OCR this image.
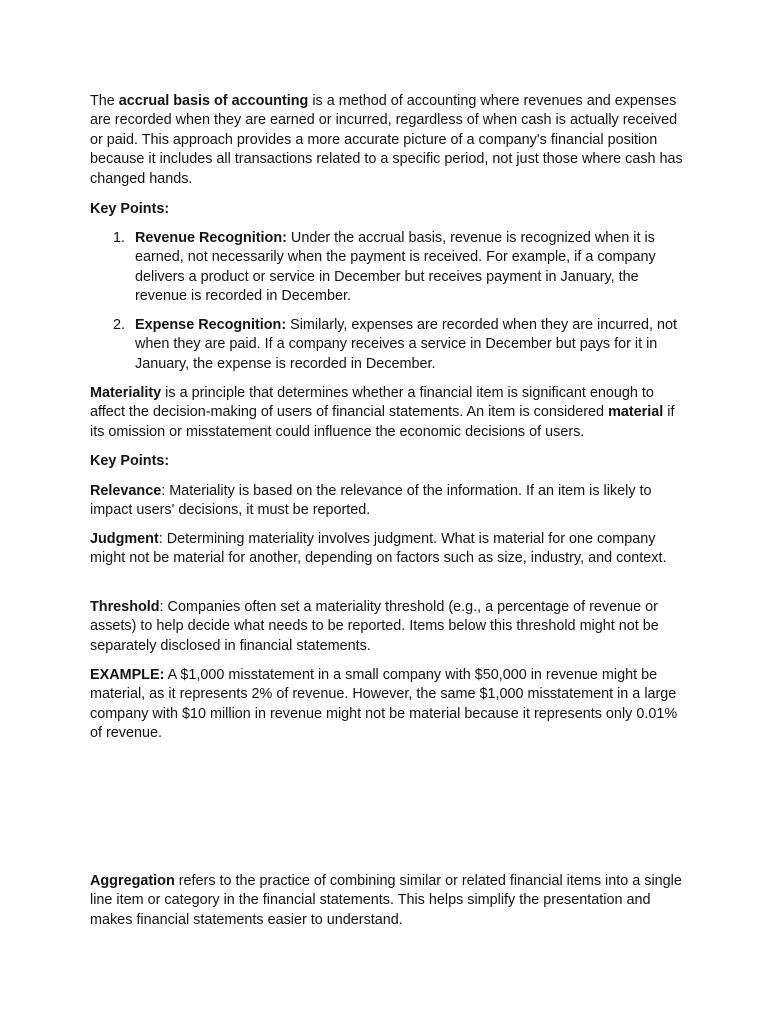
The accrual basis of accounting is a method of accounting where revenues and expenses are recorded when they are earned or incurred, regardless of when cash is actually received or paid. This approach provides a more accurate picture of a company's financial position because it includes all transactions related to a specific period, not just those where cash has changed hands.
Key Points:
1. Revenue Recognition: Under the accrual basis, revenue is recognized when it is earned, not necessarily when the payment is received. For example, if a company delivers a product or service in December but receives payment in January, the revenue is recorded in December.
2. Expense Recognition: Similarly, expenses are recorded when they are incurred, not when they are paid. If a company receives a service in December but pays for it in January, the expense is recorded in December.
Materiality is a principle that determines whether a financial item is significant enough to affect the decision-making of users of financial statements. An item is considered material if its omission or misstatement could influence the economic decisions of users.
Key Points:
Relevance: Materiality is based on the relevance of the information. If an item is likely to impact users' decisions, it must be reported.
Judgment: Determining materiality involves judgment. What is material for one company might not be material for another, depending on factors such as size, industry, and context.
Threshold: Companies often set a materiality threshold (e.g., a percentage of revenue or assets) to help decide what needs to be reported. Items below this threshold might not be separately disclosed in financial statements.
EXAMPLE: A $1,000 misstatement in a small company with $50,000 in revenue might be material, as it represents 2% of revenue. However, the same $1,000 misstatement in a large company with $10 million in revenue might not be material because it represents only 0.01% of revenue.
Aggregation refers to the practice of combining similar or related financial items into a single line item or category in the financial statements. This helps simplify the presentation and makes financial statements easier to understand.
